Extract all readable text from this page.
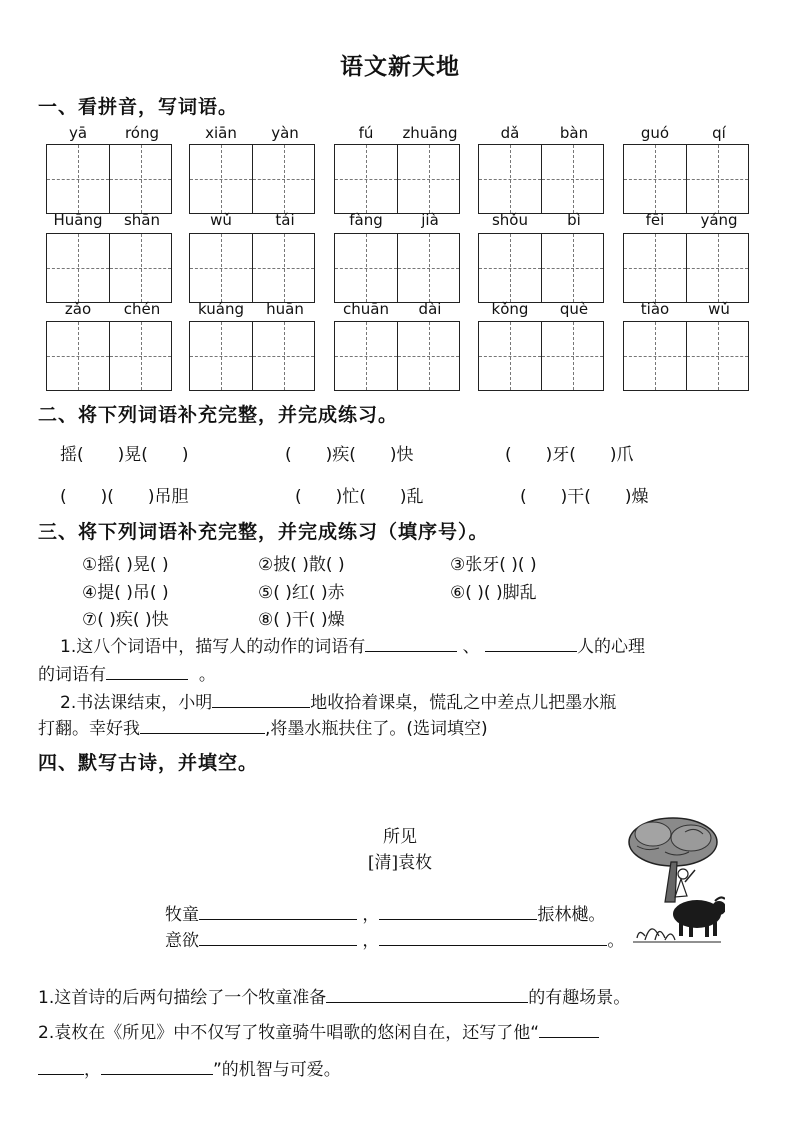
语文新天地
一、看拼音，写词语。
yā	róng	xiān	yàn	fú	zhuāng	dǎ	bàn	guó	qí
Huāng	shān	wǔ	tái	fàng	jià	shǒu	bì	fēi	yáng
zǎo	chén	kuáng	huān	chuān	dài	kǒng	què	tiào	wǔ
二、将下列词语补充完整，并完成练习。
摇(　　)晃(　　)	(　　)疾(　　)快	(　　)牙(　　)爪
(　　)(　　)吊胆	(　　)忙(　　)乱	(　　)干(　　)燥
三、将下列词语补充完整，并完成练习（填序号）。
①摇( )晃( )	②披( )散( )	③张牙( )( )
④提( )吊( )	⑤( )红( )赤	⑥( )( )脚乱
⑦( )疾( )快	⑧( )干( )燥
1.这八个词语中，描写人的动作的词语有	、	人的心理
的词语有	。
2.书法课结束，小明	地收拾着课桌，慌乱之中差点儿把墨水瓶
打翻。幸好我	,将墨水瓶扶住了。(选词填空)
四、默写古诗，并填空。
所见
[清]袁枚
牧童	，	振林樾。
意欲	，	。
1.这首诗的后两句描绘了一个牧童准备	的有趣场景。
2.袁枚在《所见》中不仅写了牧童骑牛唱歌的悠闲自在，还写了他“
，	”的机智与可爱。
